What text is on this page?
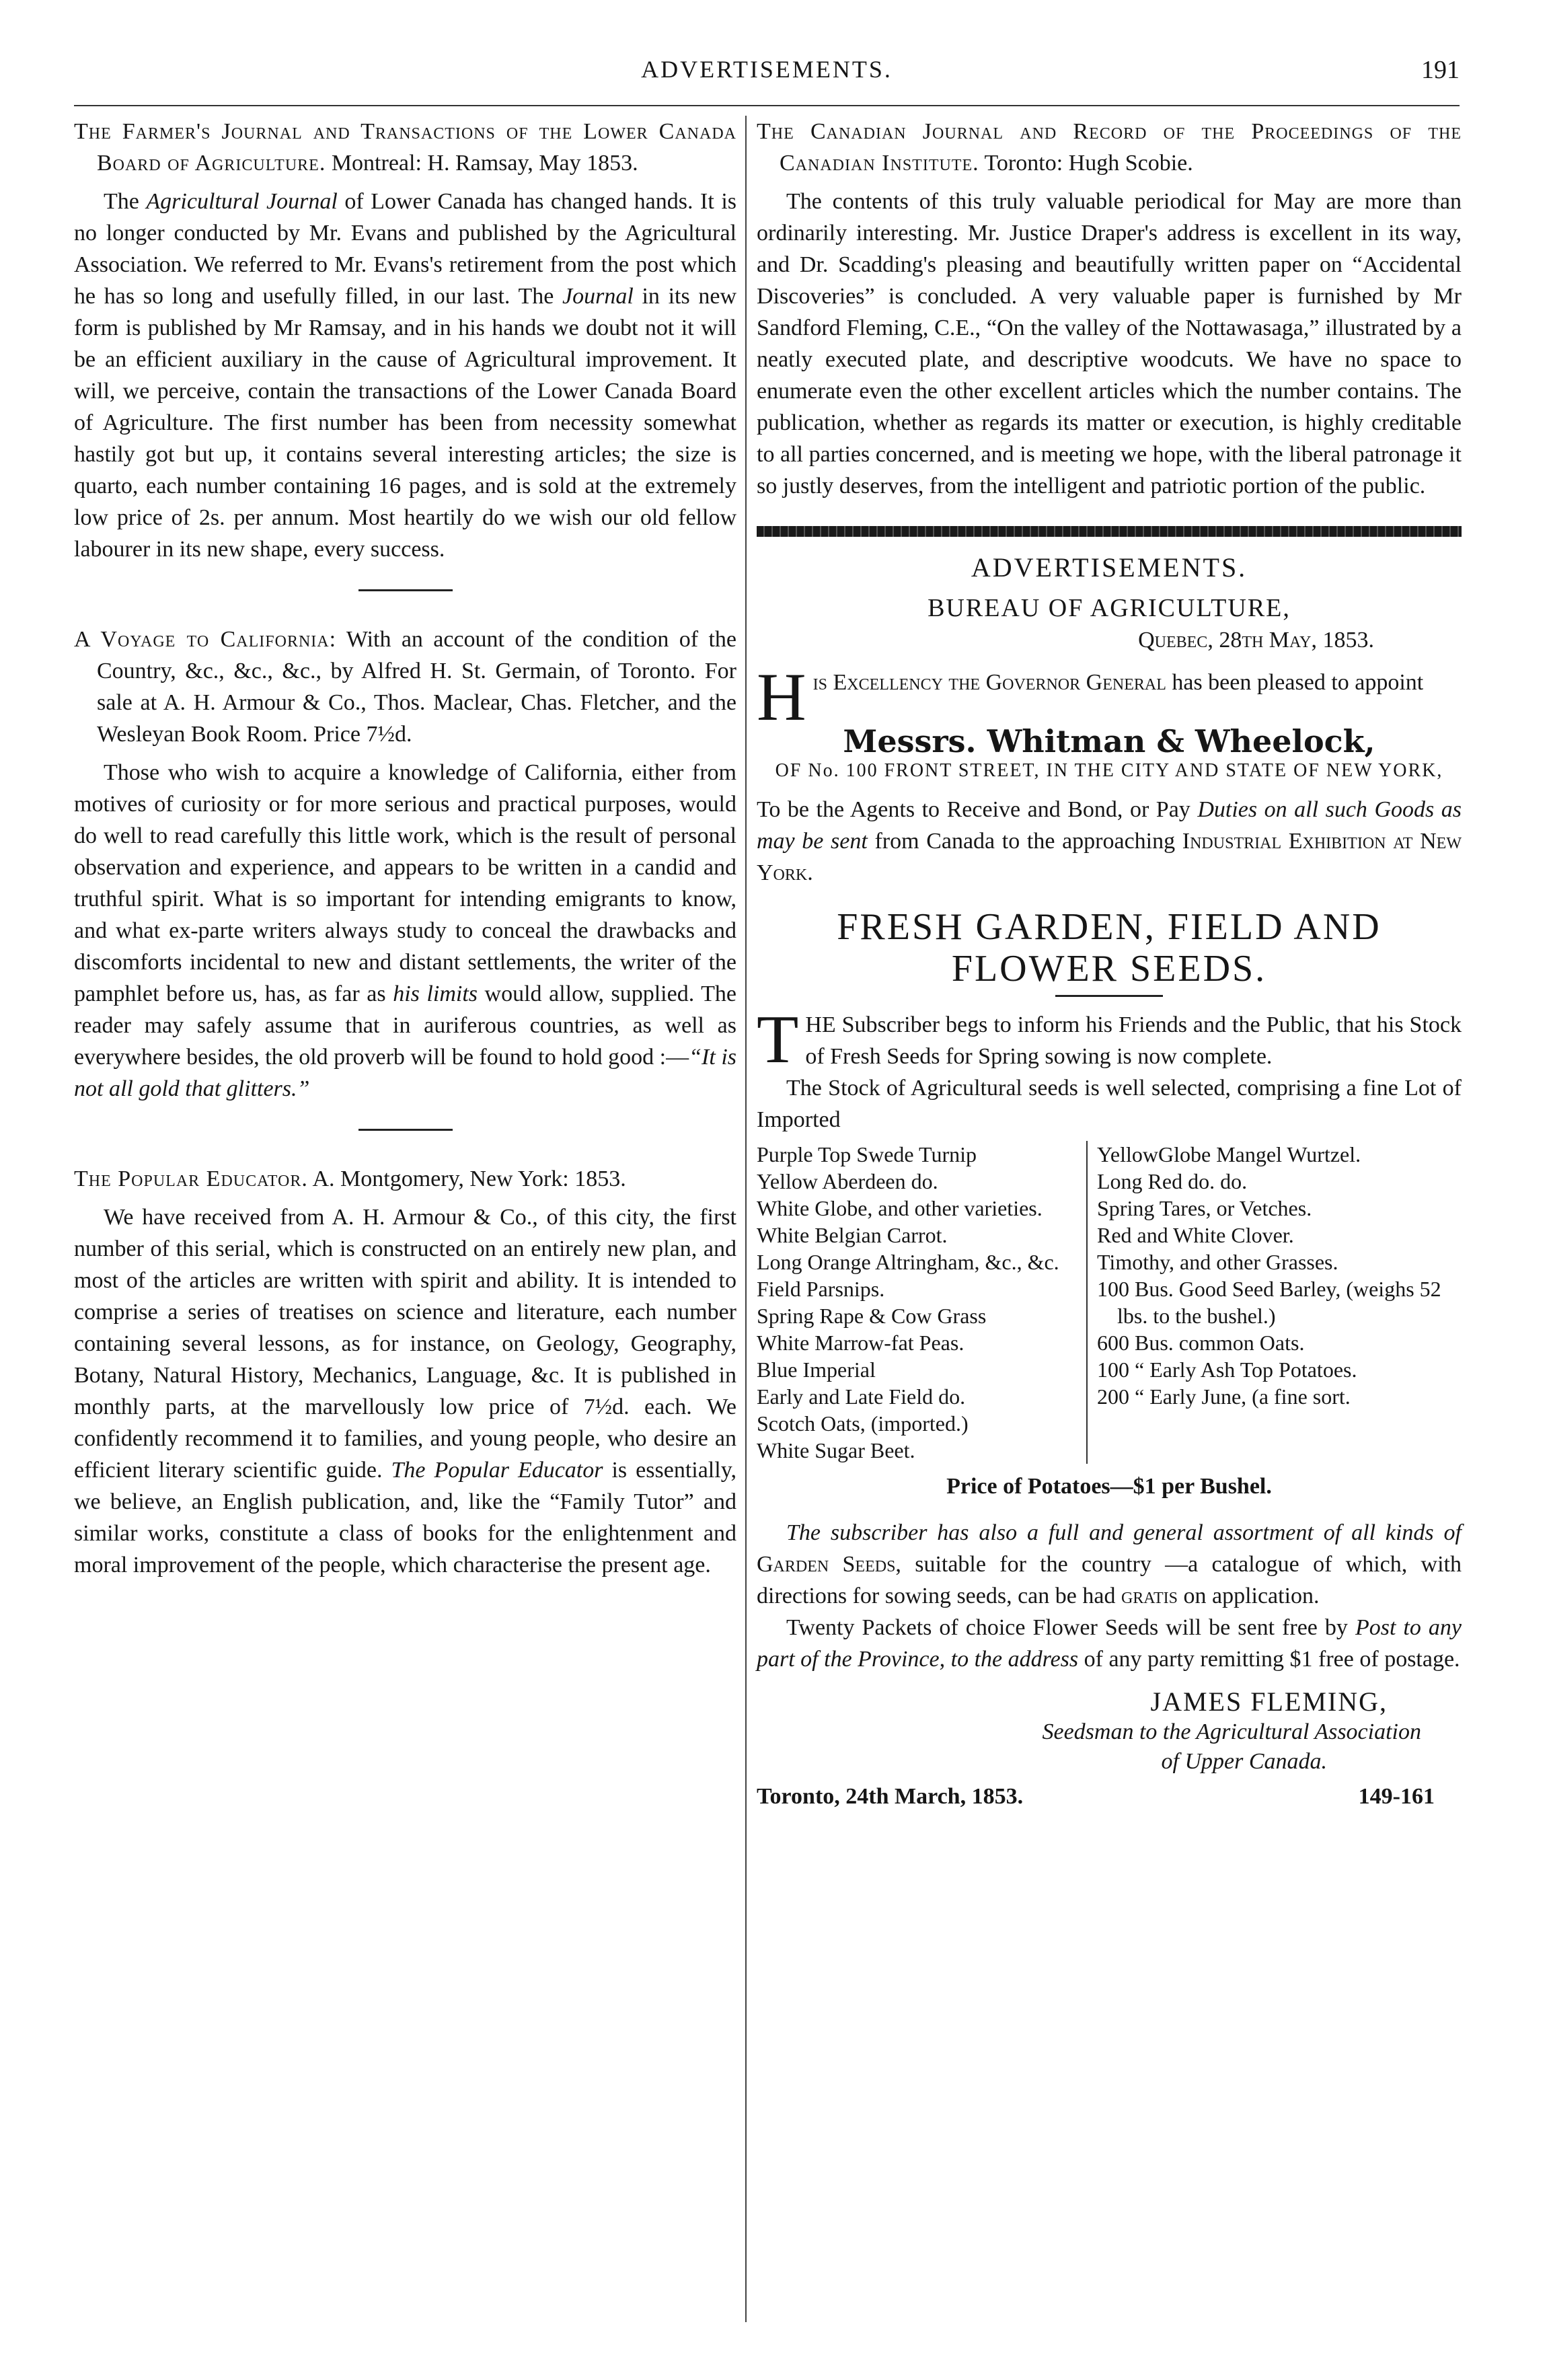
ADVERTISEMENTS.	191

The Farmer's Journal and Transactions of the Lower Canada Board of Agriculture. Montreal: H. Ramsay, May 1853.

The Agricultural Journal of Lower Canada has changed hands. It is no longer conducted by Mr. Evans and published by the Agricultural Association. We referred to Mr. Evans's retirement from the post which he has so long and usefully filled, in our last. The Journal in its new form is published by Mr Ramsay, and in his hands we doubt not it will be an efficient auxiliary in the cause of Agricultural improvement. It will, we perceive, contain the transactions of the Lower Canada Board of Agriculture. The first number has been from necessity somewhat hastily got but up, it contains several interesting articles; the size is quarto, each number containing 16 pages, and is sold at the extremely low price of 2s. per annum. Most heartily do we wish our old fellow labourer in its new shape, every success.

A Voyage to California: With an account of the condition of the Country, &c., &c., &c., by Alfred H. St. Germain, of Toronto. For sale at A. H. Armour & Co., Thos. Maclear, Chas. Fletcher, and the Wesleyan Book Room. Price 7½d.

Those who wish to acquire a knowledge of California, either from motives of curiosity or for more serious and practical purposes, would do well to read carefully this little work, which is the result of personal observation and experience, and appears to be written in a candid and truthful spirit. What is so important for intending emigrants to know, and what ex-parte writers always study to conceal the drawbacks and discomforts incidental to new and distant settlements, the writer of the pamphlet before us, has, as far as his limits would allow, supplied. The reader may safely assume that in auriferous countries, as well as everywhere besides, the old proverb will be found to hold good :—“It is not all gold that glitters.”

The Popular Educator. A. Montgomery, New York: 1853.

We have received from A. H. Armour & Co., of this city, the first number of this serial, which is constructed on an entirely new plan, and most of the articles are written with spirit and ability. It is intended to comprise a series of treatises on science and literature, each number containing several lessons, as for instance, on Geology, Geography, Botany, Natural History, Mechanics, Language, &c. It is published in monthly parts, at the marvellously low price of 7½d. each. We confidently recommend it to families, and young people, who desire an efficient literary scientific guide. The Popular Educator is essentially, we believe, an English publication, and, like the “Family Tutor” and similar works, constitute a class of books for the enlightenment and moral improvement of the people, which characterise the present age.

The Canadian Journal and Record of the Proceedings of the Canadian Institute. Toronto: Hugh Scobie.

The contents of this truly valuable periodical for May are more than ordinarily interesting. Mr. Justice Draper's address is excellent in its way, and Dr. Scadding's pleasing and beautifully written paper on “Accidental Discoveries” is concluded. A very valuable paper is furnished by Mr Sandford Fleming, C.E., “On the valley of the Nottawasaga,” illustrated by a neatly executed plate, and descriptive woodcuts. We have no space to enumerate even the other excellent articles which the number contains. The publication, whether as regards its matter or execution, is highly creditable to all parties concerned, and is meeting we hope, with the liberal patronage it so justly deserves, from the intelligent and patriotic portion of the public.

ADVERTISEMENTS.

BUREAU OF AGRICULTURE,

Quebec, 28th May, 1853.

His Excellency the Governor General has been pleased to appoint

Messrs. Whitman & Wheelock,

OF No. 100 FRONT STREET, IN THE CITY AND STATE OF NEW YORK,

To be the Agents to Receive and Bond, or Pay Duties on all such Goods as may be sent from Canada to the approaching Industrial Exhibition at New York.

FRESH GARDEN, FIELD AND FLOWER SEEDS.

THE Subscriber begs to inform his Friends and the Public, that his Stock of Fresh Seeds for Spring sowing is now complete.

The Stock of Agricultural seeds is well selected, comprising a fine Lot of Imported

Purple Top Swede Turnip
Yellow Aberdeen do.
White Globe, and other varieties.
White Belgian Carrot.
Long Orange Altringham, &c., &c.
Field Parsnips.
Spring Rape & Cow Grass
White Marrow-fat Peas.
Blue Imperial
Early and Late Field do.
Scotch Oats, (imported.)
White Sugar Beet.
YellowGlobe Mangel Wurtzel.
Long Red do. do.
Spring Tares, or Vetches.
Red and White Clover.
Timothy, and other Grasses.
100 Bus. Good Seed Barley, (weighs 52 lbs. to the bushel.)
600 Bus. common Oats.
100 “ Early Ash Top Potatoes.
200 “ Early June, (a fine sort.

Price of Potatoes—$1 per Bushel.

The subscriber has also a full and general assortment of all kinds of Garden Seeds, suitable for the country —a catalogue of which, with directions for sowing seeds, can be had gratis on application.

Twenty Packets of choice Flower Seeds will be sent free by Post to any part of the Province, to the address of any party remitting $1 free of postage.

JAMES FLEMING,

Seedsman to the Agricultural Association

of Upper Canada.

Toronto, 24th March, 1853.	149-161
